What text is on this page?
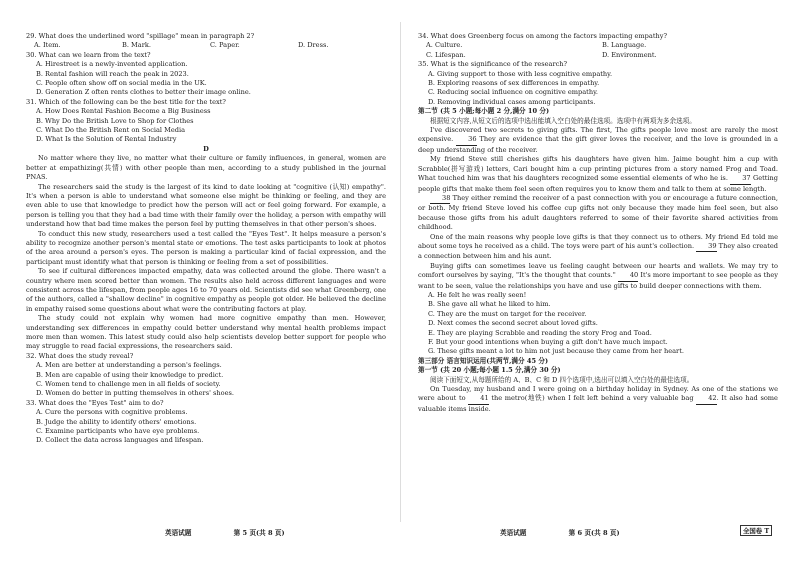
29. What does the underlined word "spillage" mean in paragraph 2?

A. Item.	B. Mark.	C. Paper.	D. Dress.

30. What can we learn from the text?

A. Hirestreet is a newly-invented application.

B. Rental fashion will reach the peak in 2023.

C. People often show off on social media in the UK.

D. Generation Z often rents clothes to better their image online.

31. Which of the following can be the best title for the text?

A. How Does Rental Fashion Become a Big Business

B. Why Do the British Love to Shop for Clothes

C. What Do the British Rent on Social Media

D. What Is the Solution of Rental Industry

D

No matter where they live, no matter what their culture or family influences, in general, women are better at empathizing(共情) with other people than men, according to a study published in the journal PNAS.

The researchers said the study is the largest of its kind to date looking at "cognitive (认知) empathy". It's when a person is able to understand what someone else might be thinking or feeling, and they are even able to use that knowledge to predict how the person will act or feel going forward. For example, a person is telling you that they had a bad time with their family over the holiday, a person with empathy will understand how that bad time makes the person feel by putting themselves in that other person's shoes.

To conduct this new study, researchers used a test called the "Eyes Test". It helps measure a person's ability to recognize another person's mental state or emotions. The test asks participants to look at photos of the area around a person's eyes. The person is making a particular kind of facial expression, and the participant must identify what that person is thinking or feeling from a set of possibilities.

To see if cultural differences impacted empathy, data was collected around the globe. There wasn't a country where men scored better than women. The results also held across different languages and were consistent across the lifespan, from people ages 16 to 70 years old. Scientists did see what Greenberg, one of the authors, called a "shallow decline" in cognitive empathy as people got older. He believed the decline in empathy raised some questions about what were the contributing factors at play.

The study could not explain why women had more cognitive empathy than men. However, understanding sex differences in empathy could better understand why mental health problems impact more men than women. This latest study could also help scientists develop better support for people who may struggle to read facial expressions, the researchers said.

32. What does the study reveal?

A. Men are better at understanding a person's feelings.

B. Men are capable of using their knowledge to predict.

C. Women tend to challenge men in all fields of society.

D. Women do better in putting themselves in others' shoes.

33. What does the "Eyes Test" aim to do?

A. Cure the persons with cognitive problems.

B. Judge the ability to identify others' emotions.

C. Examine participants who have eye problems.

D. Collect the data across languages and lifespan.

34. What does Greenberg focus on among the factors impacting empathy?

A. Culture.	B. Language.
C. Lifespan.	D. Environment.

35. What is the significance of the research?

A. Giving support to those with less cognitive empathy.

B. Exploring reasons of sex differences in empathy.

C. Reducing social influence on cognitive empathy.

D. Removing individual cases among participants.

第二节 (共 5 小题;每小题 2 分,满分 10 分)

根据短文内容,从短文后的选项中选出能填入空白处的最佳选项。选项中有两项为多余选项。

I've discovered two secrets to giving gifts. The first, The gifts people love most are rarely the most expensive. 36 They are evidence that the gift giver loves the receiver, and the love is grounded in a deep understanding of the receiver.

My friend Steve still cherishes gifts his daughters have given him. Jaime bought him a cup with Scrabble(拼写游戏) letters, Cari bought him a cup printing pictures from a story named Frog and Toad. What touched him was that his daughters recognized some essential elements of who he is. 37 Getting people gifts that make them feel seen often requires you to know them and talk to them at some length.

38 They either remind the receiver of a past connection with you or encourage a future connection, or both. My friend Steve loved his coffee cup gifts not only because they made him feel seen, but also because those gifts from his adult daughters referred to some of their favorite shared activities from childhood.

One of the main reasons why people love gifts is that they connect us to others. My friend Ed told me about some toys he received as a child. The toys were part of his aunt's collection. 39 They also created a connection between him and his aunt.

Buying gifts can sometimes leave us feeling caught between our hearts and wallets. We may try to comfort ourselves by saying, "It's the thought that counts." 40 It's more important to see people as they want to be seen, value the relationships you have and use gifts to build deeper connections with them.

A. He felt he was really seen!

B. She gave all what he liked to him.

C. They are the must on target for the receiver.

D. Next comes the second secret about loved gifts.

E. They are playing Scrabble and reading the story Frog and Toad.

F. But your good intentions when buying a gift don't have much impact.

G. These gifts meant a lot to him not just because they came from her heart.

第三部分 语言知识运用(共两节,满分 45 分)

第一节 (共 20 小题;每小题 1.5 分,满分 30 分)

阅读下面短文,从每题所给的 A、B、C 和 D 四个选项中,选出可以填入空白处的最佳选项。

On Tuesday, my husband and I were going on a birthday holiday in Sydney. As one of the stations we were about to 41 the metro(地铁) when I felt left behind a very valuable bag 42. It also had some valuable items inside.

英语试题	第 5 页(共 8 页)	英语试题	第 6 页(共 8 页)	全国卷 T
